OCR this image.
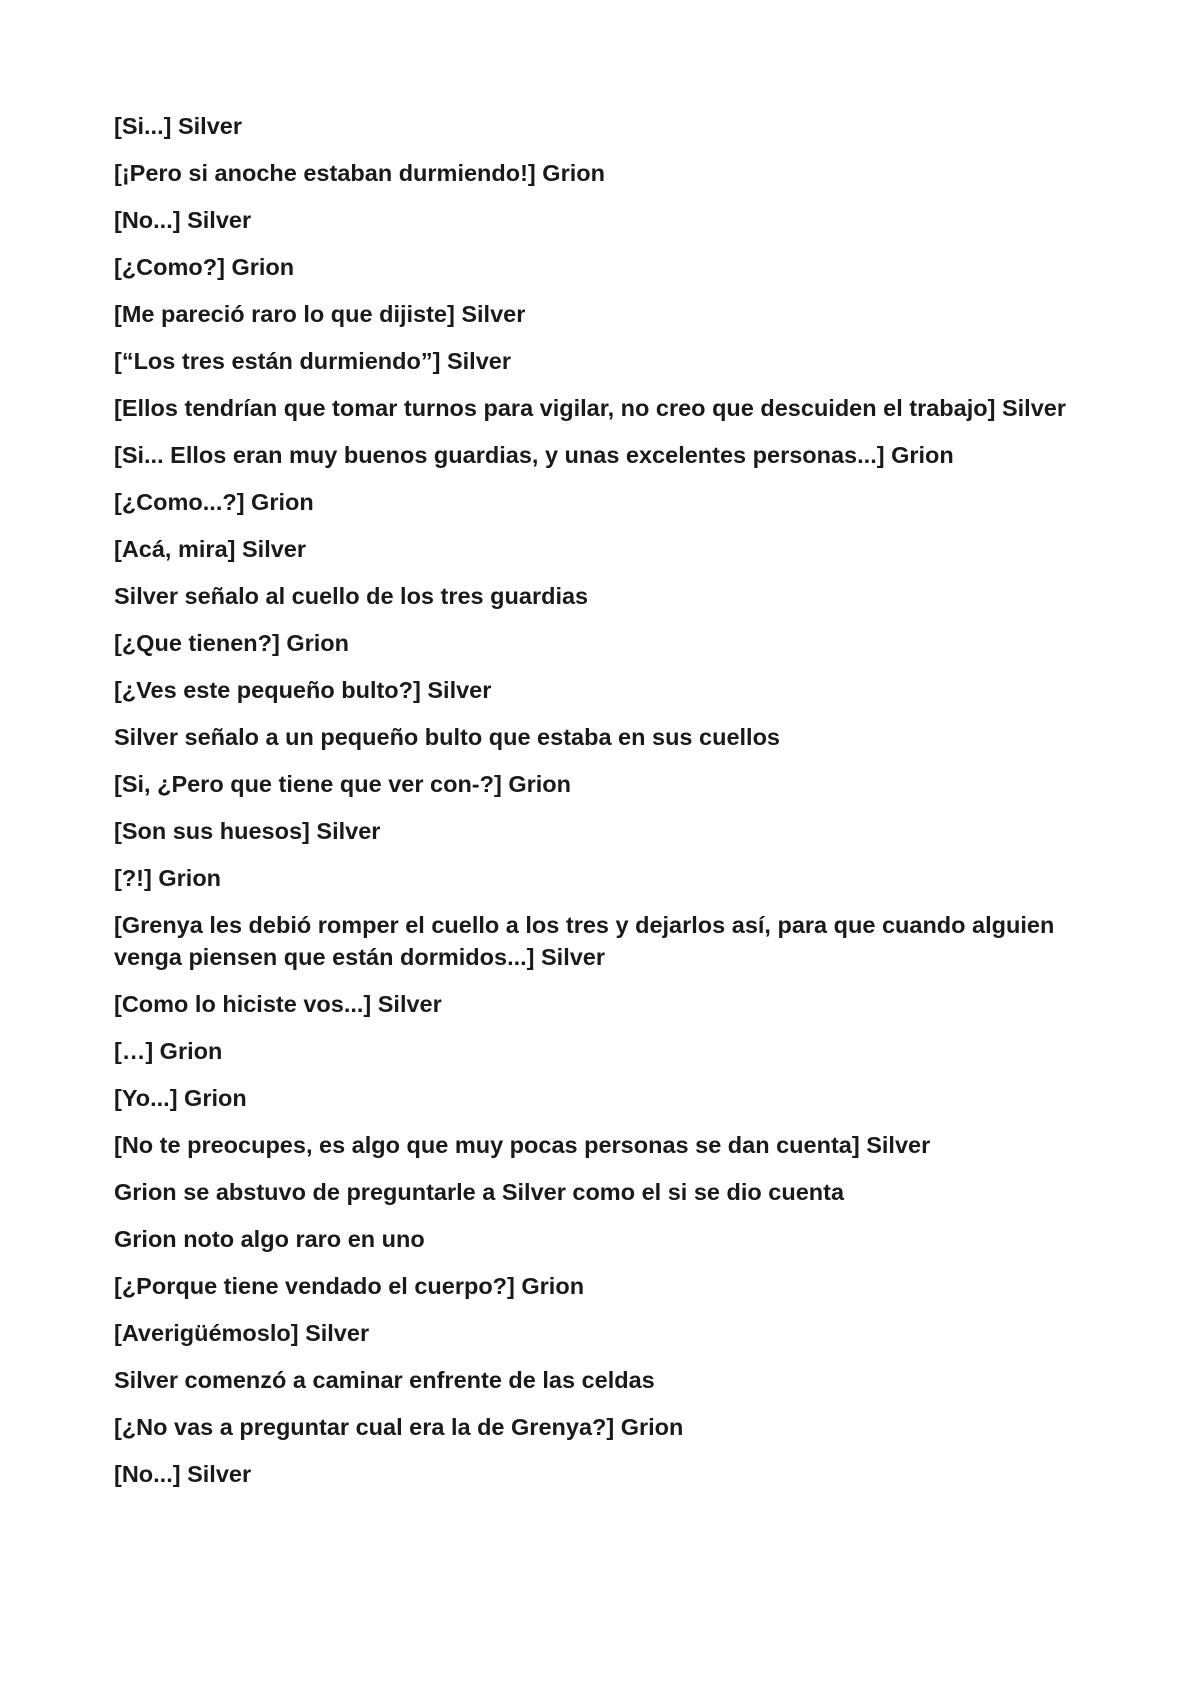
[Si...] Silver

[¡Pero si anoche estaban durmiendo!] Grion

[No...] Silver

[¿Como?] Grion

[Me pareció raro lo que dijiste] Silver

[“Los tres están durmiendo”] Silver

[Ellos tendrían que tomar turnos para vigilar, no creo que descuiden el trabajo] Silver

[Si... Ellos eran muy buenos guardias, y unas excelentes personas...] Grion

[¿Como...?] Grion

[Acá, mira] Silver

Silver señalo al cuello de los tres guardias

[¿Que tienen?] Grion

[¿Ves este pequeño bulto?] Silver

Silver señalo a un pequeño bulto que estaba en sus cuellos

[Si, ¿Pero que tiene que ver con-?] Grion

[Son sus huesos] Silver

[?!] Grion

[Grenya les debió romper el cuello a los tres y dejarlos así, para que cuando alguien venga piensen que están dormidos...] Silver

[Como lo hiciste vos...] Silver

[…] Grion

[Yo...] Grion

[No te preocupes, es algo que muy pocas personas se dan cuenta] Silver

Grion se abstuvo de preguntarle a Silver como el si se dio cuenta

Grion noto algo raro en uno

[¿Porque tiene vendado el cuerpo?] Grion

[Averigüémoslo] Silver

Silver comenzó a caminar enfrente de las celdas

[¿No vas a preguntar cual era la de Grenya?] Grion

[No...] Silver
